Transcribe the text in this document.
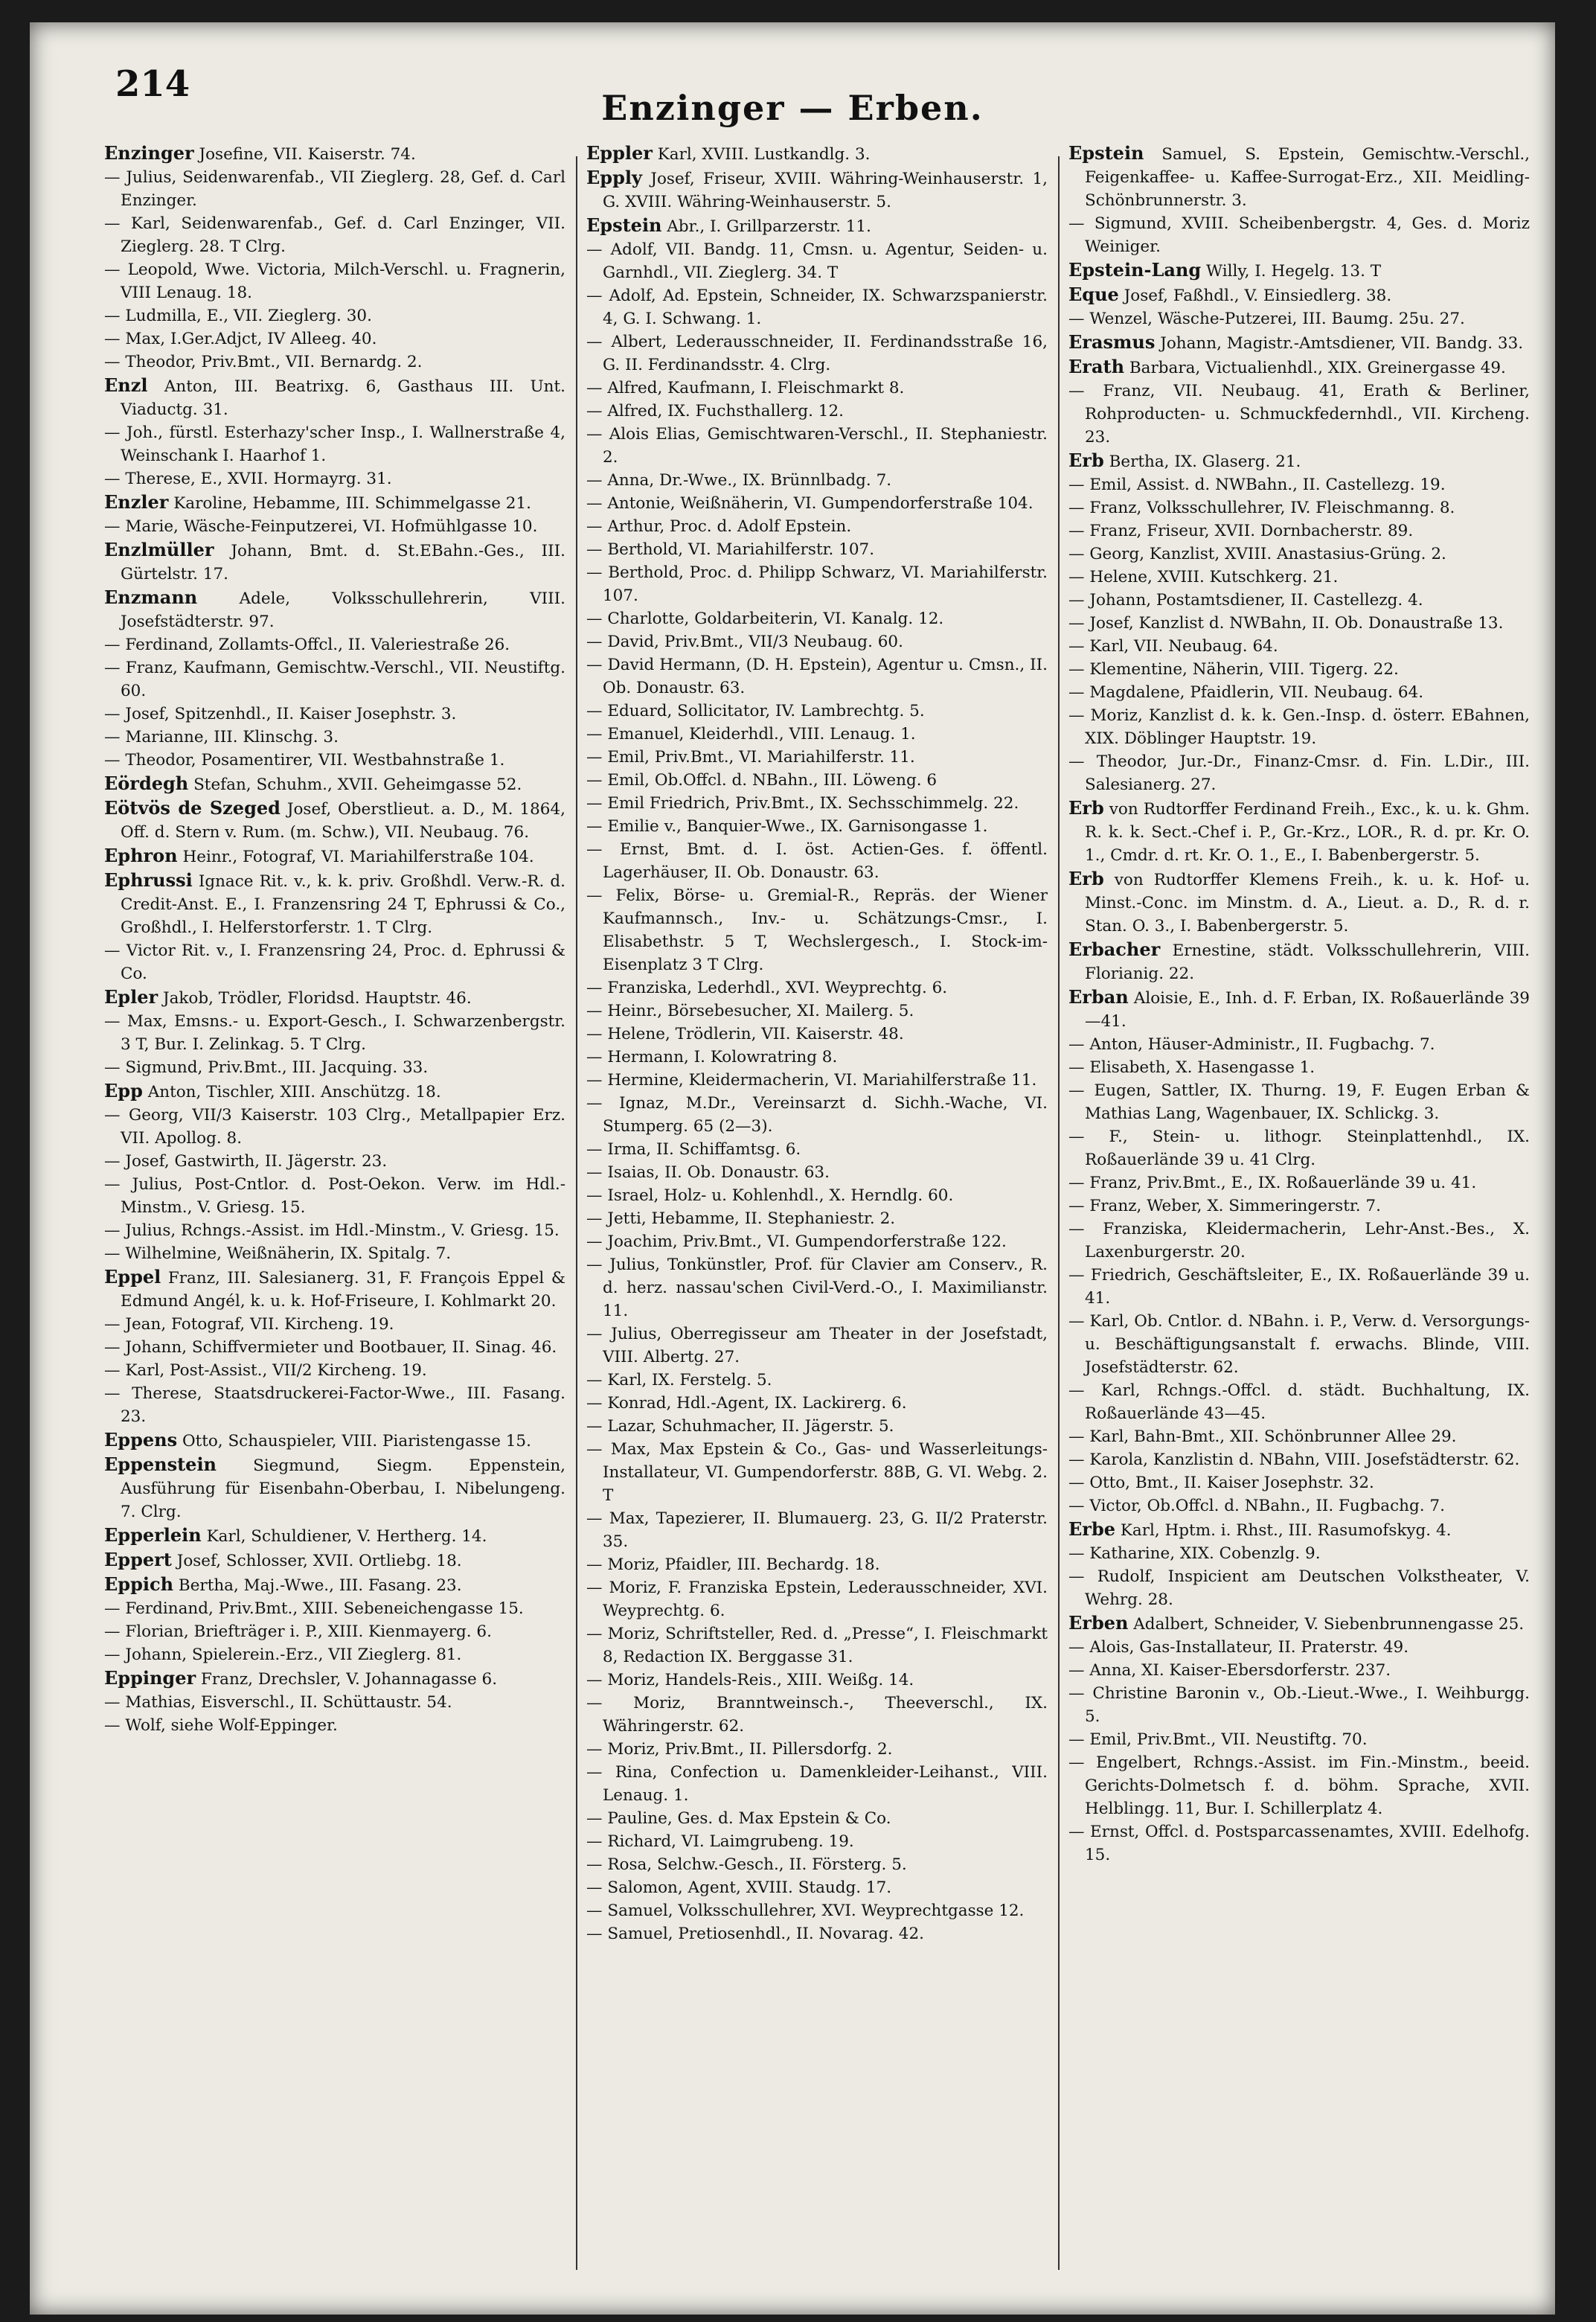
214
Enzinger — Erben.

Enzinger Josefine, VII. Kaiserstr. 74.

— Julius, Seidenwarenfab., VII Zieglerg. 28, Gef. d. Carl Enzinger.

— Karl, Seidenwarenfab., Gef. d. Carl Enzinger, VII. Zieglerg. 28. T Clrg.

— Leopold, Wwe. Victoria, Milch-Verschl. u. Fragnerin, VIII Lenaug. 18.

— Ludmilla, E., VII. Zieglerg. 30.

— Max, I.Ger.Adjct, IV Alleeg. 40.

— Theodor, Priv.Bmt., VII. Bernardg. 2.

Enzl Anton, III. Beatrixg. 6, Gasthaus III. Unt. Viaductg. 31.

— Joh., fürstl. Esterhazy'scher Insp., I. Wallnerstraße 4, Weinschank I. Haarhof 1.

— Therese, E., XVII. Hormayrg. 31.

Enzler Karoline, Hebamme, III. Schimmelgasse 21.

— Marie, Wäsche-Feinputzerei, VI. Hofmühlgasse 10.

Enzlmüller Johann, Bmt. d. St.EBahn.-Ges., III. Gürtelstr. 17.

Enzmann	Adele, Volksschullehrerin, VIII. Josefstädterstr. 97.

— Ferdinand, Zollamts-Offcl., II. Valeriestraße 26.

— Franz, Kaufmann, Gemischtw.-Verschl., VII. Neustiftg. 60.

— Josef, Spitzenhdl., II. Kaiser Josephstr. 3.

— Marianne, III. Klinschg. 3.

— Theodor, Posamentirer, VII. Westbahnstraße 1.

Eördegh Stefan, Schuhm., XVII. Geheimgasse 52.

Eötvös de Szeged Josef, Oberstlieut. a. D., M. 1864, Off. d. Stern v. Rum. (m. Schw.), VII. Neubaug. 76.

Ephron Heinr., Fotograf, VI. Mariahilferstraße 104.

Ephrussi Ignace Rit. v., k. k. priv. Großhdl. Verw.-R. d. Credit-Anst. E., I. Franzensring 24 T, Ephrussi & Co., Großhdl., I. Helferstorferstr. 1. T Clrg.

— Victor Rit. v., I. Franzensring 24, Proc. d. Ephrussi & Co.

Epler Jakob, Trödler, Floridsd. Hauptstr. 46.

— Max, Emsns.- u. Export-Gesch., I. Schwarzenbergstr. 3 T, Bur. I. Zelinkag. 5. T Clrg.

— Sigmund, Priv.Bmt., III. Jacquing. 33.

Epp Anton, Tischler, XIII. Anschützg. 18.

— Georg, VII/3 Kaiserstr. 103 Clrg., Metallpapier Erz. VII. Apollog. 8.

— Josef, Gastwirth, II. Jägerstr. 23.

— Julius, Post-Cntlor. d. Post-Oekon. Verw. im Hdl.-Minstm., V. Griesg. 15.

— Julius, Rchngs.-Assist. im Hdl.-Minstm., V. Griesg. 15.

— Wilhelmine, Weißnäherin, IX. Spitalg. 7.

Eppel Franz, III. Salesianerg. 31, F. François Eppel & Edmund Angél, k. u. k. Hof-Friseure, I. Kohlmarkt 20.

— Jean, Fotograf, VII. Kircheng. 19.

— Johann, Schiffvermieter und Bootbauer, II. Sinag. 46.

— Karl, Post-Assist., VII/2 Kircheng. 19.

— Therese, Staatsdruckerei-Factor-Wwe., III. Fasang. 23.

Eppens Otto, Schauspieler, VIII. Piaristengasse 15.

Eppenstein Siegmund, Siegm. Eppenstein, Ausführung für Eisenbahn-Oberbau, I. Nibelungeng. 7. Clrg.

Epperlein Karl, Schuldiener, V. Hertherg. 14.

Eppert Josef, Schlosser, XVII. Ortliebg. 18.

Eppich Bertha, Maj.-Wwe., III. Fasang. 23.

— Ferdinand, Priv.Bmt., XIII. Sebeneichengasse 15.

— Florian, Briefträger i. P., XIII. Kienmayerg. 6.

— Johann, Spielerein.-Erz., VII Zieglerg. 81.

Eppinger Franz, Drechsler, V. Johannagasse 6.

— Mathias, Eisverschl., II. Schüttaustr. 54.

— Wolf, siehe Wolf-Eppinger.

Eppler Karl, XVIII. Lustkandlg. 3.

Epply Josef, Friseur, XVIII. Währing-Weinhauserstr. 1, G. XVIII. Währing-Weinhauserstr. 5.

Epstein Abr., I. Grillparzerstr. 11.

— Adolf, VII. Bandg. 11, Cmsn. u. Agentur, Seiden- u. Garnhdl., VII. Zieglerg. 34. T

— Adolf, Ad. Epstein, Schneider, IX. Schwarzspanierstr. 4, G. I. Schwang. 1.

— Albert, Lederausschneider, II. Ferdinandsstraße 16, G. II. Ferdinandsstr. 4. Clrg.

— Alfred, Kaufmann, I. Fleischmarkt 8.

— Alfred, IX. Fuchsthallerg. 12.

— Alois Elias, Gemischtwaren-Verschl., II. Stephaniestr. 2.

— Anna, Dr.-Wwe., IX. Brünnlbadg. 7.

— Antonie, Weißnäherin, VI. Gumpendorferstraße 104.

— Arthur, Proc. d. Adolf Epstein.

— Berthold, VI. Mariahilferstr. 107.

— Berthold, Proc. d. Philipp Schwarz, VI. Mariahilferstr. 107.

— Charlotte, Goldarbeiterin, VI. Kanalg. 12.

— David, Priv.Bmt., VII/3 Neubaug. 60.

— David Hermann, (D. H. Epstein), Agentur u. Cmsn., II. Ob. Donaustr. 63.

— Eduard, Sollicitator, IV. Lambrechtg. 5.

— Emanuel, Kleiderhdl., VIII. Lenaug. 1.

— Emil, Priv.Bmt., VI. Mariahilferstr. 11.

— Emil, Ob.Offcl. d. NBahn., III. Löweng. 6

— Emil Friedrich, Priv.Bmt., IX. Sechsschimmelg. 22.

— Emilie v., Banquier-Wwe., IX. Garnisongasse 1.

— Ernst, Bmt. d. I. öst. Actien-Ges. f. öffentl. Lagerhäuser, II. Ob. Donaustr. 63.

— Felix, Börse- u. Gremial-R., Repräs. der Wiener Kaufmannsch., Inv.- u. Schätzungs-Cmsr., I. Elisabethstr. 5 T, Wechslergesch., I. Stock-im-Eisenplatz 3 T Clrg.

— Franziska, Lederhdl., XVI. Weyprechtg. 6.

— Heinr., Börsebesucher, XI. Mailerg. 5.

— Helene, Trödlerin, VII. Kaiserstr. 48.

— Hermann, I. Kolowratring 8.

— Hermine, Kleidermacherin, VI. Mariahilferstraße 11.

— Ignaz, M.Dr., Vereinsarzt d. Sichh.-Wache, VI. Stumperg. 65 (2—3).

— Irma, II. Schiffamtsg. 6.

— Isaias, II. Ob. Donaustr. 63.

— Israel, Holz- u. Kohlenhdl., X. Herndlg. 60.

— Jetti, Hebamme, II. Stephaniestr. 2.

— Joachim, Priv.Bmt., VI. Gumpendorferstraße 122.

— Julius, Tonkünstler, Prof. für Clavier am Conserv., R. d. herz. nassau'schen Civil-Verd.-O., I. Maximilianstr. 11.

— Julius, Oberregisseur am Theater in der Josefstadt, VIII. Albertg. 27.

— Karl, IX. Ferstelg. 5.

— Konrad, Hdl.-Agent, IX. Lackirerg. 6.

— Lazar, Schuhmacher, II. Jägerstr. 5.

— Max, Max Epstein & Co., Gas- und Wasserleitungs-Installateur, VI. Gumpendorferstr. 88B, G. VI. Webg. 2. T

— Max, Tapezierer, II. Blumauerg. 23, G. II/2 Praterstr. 35.

— Moriz, Pfaidler, III. Bechardg. 18.

— Moriz, F. Franziska Epstein, Lederausschneider, XVI. Weyprechtg. 6.

— Moriz, Schriftsteller, Red. d. „Presse“, I. Fleischmarkt 8, Redaction IX. Berggasse 31.

— Moriz, Handels-Reis., XIII. Weißg. 14.

— Moriz, Branntweinsch.-, Theeverschl., IX. Währingerstr. 62.

— Moriz, Priv.Bmt., II. Pillersdorfg. 2.

— Rina, Confection u. Damenkleider-Leihanst., VIII. Lenaug. 1.

— Pauline, Ges. d. Max Epstein & Co.

— Richard, VI. Laimgrubeng. 19.

— Rosa, Selchw.-Gesch., II. Försterg. 5.

— Salomon, Agent, XVIII. Staudg. 17.

— Samuel, Volksschullehrer, XVI. Weyprechtgasse 12.

— Samuel, Pretiosenhdl., II. Novarag. 42.

Epstein Samuel, S. Epstein, Gemischtw.-Verschl., Feigenkaffee- u. Kaffee-Surrogat-Erz., XII. Meidling-Schönbrunnerstr. 3.

— Sigmund, XVIII. Scheibenbergstr. 4, Ges. d. Moriz Weiniger.

Epstein-Lang Willy, I. Hegelg. 13. T

Eque Josef, Faßhdl., V. Einsiedlerg. 38.

— Wenzel, Wäsche-Putzerei, III. Baumg. 25u. 27.

Erasmus Johann, Magistr.-Amtsdiener, VII. Bandg. 33.

Erath Barbara, Victualienhdl., XIX. Greinergasse 49.

— Franz, VII. Neubaug. 41, Erath & Berliner, Rohproducten- u. Schmuckfedernhdl., VII. Kircheng. 23.

Erb Bertha, IX. Glaserg. 21.

— Emil, Assist. d. NWBahn., II. Castellezg. 19.

— Franz, Volksschullehrer, IV. Fleischmanng. 8.

— Franz, Friseur, XVII. Dornbacherstr. 89.

— Georg, Kanzlist, XVIII. Anastasius-Grüng. 2.

— Helene, XVIII. Kutschkerg. 21.

— Johann, Postamtsdiener, II. Castellezg. 4.

— Josef, Kanzlist d. NWBahn, II. Ob. Donaustraße 13.

— Karl, VII. Neubaug. 64.

— Klementine, Näherin, VIII. Tigerg. 22.

— Magdalene, Pfaidlerin, VII. Neubaug. 64.

— Moriz, Kanzlist d. k. k. Gen.-Insp. d. österr. EBahnen, XIX. Döblinger Hauptstr. 19.

— Theodor, Jur.-Dr., Finanz-Cmsr. d. Fin. L.Dir., III. Salesianerg. 27.

Erb von Rudtorffer Ferdinand Freih., Exc., k. u. k. Ghm. R. k. k. Sect.-Chef i. P., Gr.-Krz., LOR., R. d. pr. Kr. O. 1., Cmdr. d. rt. Kr. O. 1., E., I. Babenbergerstr. 5.

Erb von Rudtorffer Klemens Freih., k. u. k. Hof- u. Minst.-Conc. im Minstm. d. A., Lieut. a. D., R. d. r. Stan. O. 3., I. Babenbergerstr. 5.

Erbacher Ernestine, städt. Volksschullehrerin, VIII. Florianig. 22.

Erban Aloisie, E., Inh. d. F. Erban, IX. Roßauerlände 39—41.

— Anton, Häuser-Administr., II. Fugbachg. 7.

— Elisabeth, X. Hasengasse 1.

— Eugen, Sattler, IX. Thurng. 19, F. Eugen Erban & Mathias Lang, Wagenbauer, IX. Schlickg. 3.

— F., Stein- u. lithogr. Steinplattenhdl., IX. Roßauerlände 39 u. 41 Clrg.

— Franz, Priv.Bmt., E., IX. Roßauerlände 39 u. 41.

— Franz, Weber, X. Simmeringerstr. 7.

— Franziska, Kleidermacherin, Lehr-Anst.-Bes., X. Laxenburgerstr. 20.

— Friedrich, Geschäftsleiter, E., IX. Roßauerlände 39 u. 41.

— Karl, Ob. Cntlor. d. NBahn. i. P., Verw. d. Versorgungs- u. Beschäftigungsanstalt f. erwachs. Blinde, VIII. Josefstädterstr. 62.

— Karl, Rchngs.-Offcl. d. städt. Buchhaltung, IX. Roßauerlände 43—45.

— Karl, Bahn-Bmt., XII. Schönbrunner Allee 29.

— Karola, Kanzlistin d. NBahn, VIII. Josefstädterstr. 62.

— Otto, Bmt., II. Kaiser Josephstr. 32.

— Victor, Ob.Offcl. d. NBahn., II. Fugbachg. 7.

Erbe Karl, Hptm. i. Rhst., III. Rasumofskyg. 4.

— Katharine, XIX. Cobenzlg. 9.

— Rudolf, Inspicient am Deutschen Volkstheater, V. Wehrg. 28.

Erben Adalbert, Schneider, V. Siebenbrunnengasse 25.

— Alois, Gas-Installateur, II. Praterstr. 49.

— Anna, XI. Kaiser-Ebersdorferstr. 237.

— Christine Baronin v., Ob.-Lieut.-Wwe., I. Weihburgg. 5.

— Emil, Priv.Bmt., VII. Neustiftg. 70.

— Engelbert, Rchngs.-Assist. im Fin.-Minstm., beeid. Gerichts-Dolmetsch f. d. böhm. Sprache, XVII. Helblingg. 11, Bur. I. Schillerplatz 4.

— Ernst, Offcl. d. Postsparcassenamtes, XVIII. Edelhofg. 15.
